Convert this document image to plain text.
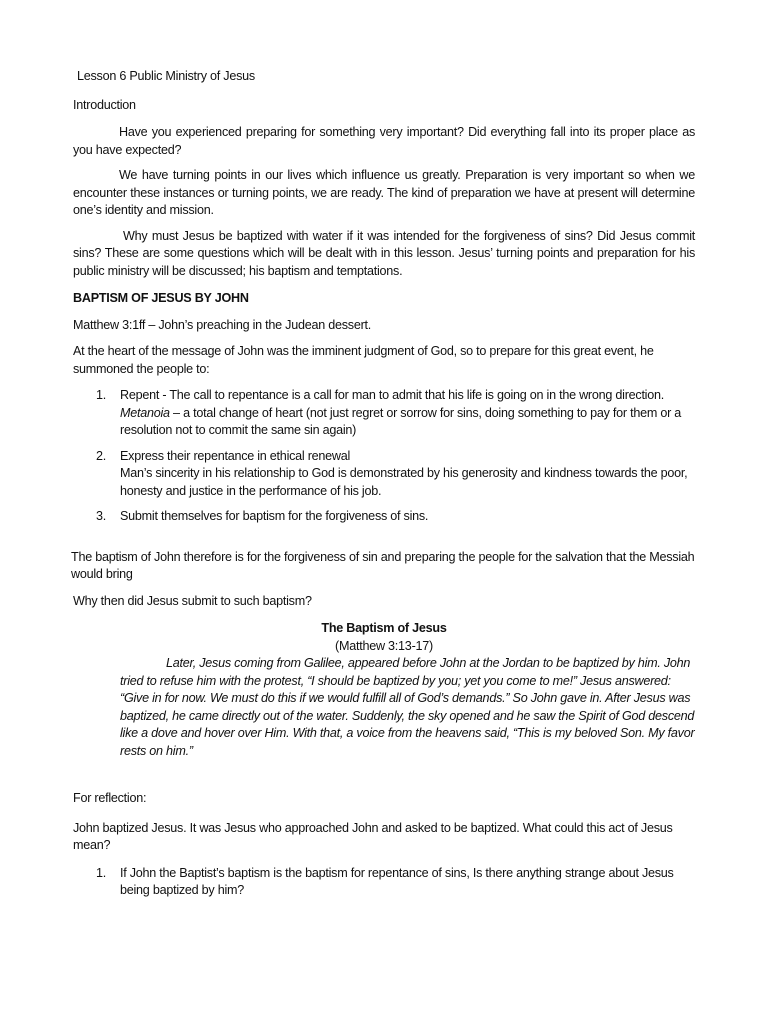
Lesson 6 Public Ministry of Jesus

Introduction

Have you experienced preparing for something very important? Did everything fall into its proper place as you have expected?

We have turning points in our lives which influence us greatly. Preparation is very important so when we encounter these instances or turning points, we are ready. The kind of preparation we have at present will determine one’s identity and mission.

Why must Jesus be baptized with water if it was intended for the forgiveness of sins? Did Jesus commit sins? These are some questions which will be dealt with in this lesson. Jesus’ turning points and preparation for his public ministry will be discussed; his baptism and temptations.

BAPTISM OF JESUS BY JOHN

Matthew 3:1ff – John’s preaching in the Judean dessert.

At the heart of the message of John was the imminent judgment of God, so to prepare for this great event, he summoned the people to:

1. Repent - The call to repentance is a call for man to admit that his life is going on in the wrong direction.
Metanoia – a total change of heart (not just regret or sorrow for sins, doing something to pay for them or a resolution not to commit the same sin again)
2. Express their repentance in ethical renewal
Man’s sincerity in his relationship to God is demonstrated by his generosity and kindness towards the poor, honesty and justice in the performance of his job.
3. Submit themselves for baptism for the forgiveness of sins.

The baptism of John therefore is for the forgiveness of sin and preparing the people for the salvation that the Messiah would bring

Why then did Jesus submit to such baptism?

The Baptism of Jesus

(Matthew 3:13-17)

Later, Jesus coming from Galilee, appeared before John at the Jordan to be baptized by him. John tried to refuse him with the protest, “I should be baptized by you; yet you come to me!” Jesus answered: “Give in for now. We must do this if we would fulfill all of God’s demands.” So John gave in. After Jesus was baptized, he came directly out of the water. Suddenly, the sky opened and he saw the Spirit of God descend like a dove and hover over Him. With that, a voice from the heavens said, “This is my beloved Son. My favor rests on him.”

For reflection:

John baptized Jesus. It was Jesus who approached John and asked to be baptized. What could this act of Jesus mean?

1. If John the Baptist’s baptism is the baptism for repentance of sins, Is there anything strange about Jesus being baptized by him?
